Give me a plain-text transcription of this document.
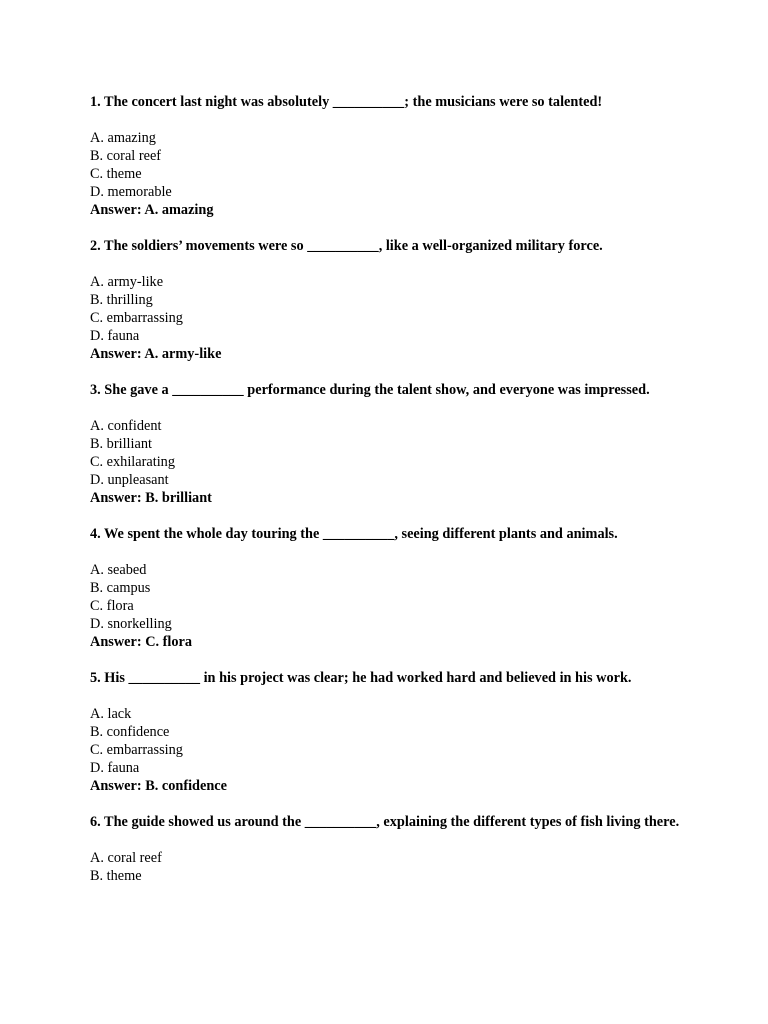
1. The concert last night was absolutely __________; the musicians were so talented!

A. amazing

B. coral reef

C. theme

D. memorable

Answer: A. amazing

2. The soldiers’ movements were so __________, like a well-organized military force.

A. army-like

B. thrilling

C. embarrassing

D. fauna

Answer: A. army-like

3. She gave a __________ performance during the talent show, and everyone was impressed.

A. confident

B. brilliant

C. exhilarating

D. unpleasant

Answer: B. brilliant

4. We spent the whole day touring the __________, seeing different plants and animals.

A. seabed

B. campus

C. flora

D. snorkelling

Answer: C. flora

5. His __________ in his project was clear; he had worked hard and believed in his work.

A. lack

B. confidence

C. embarrassing

D. fauna

Answer: B. confidence

6. The guide showed us around the __________, explaining the different types of fish living there.

A. coral reef

B. theme
